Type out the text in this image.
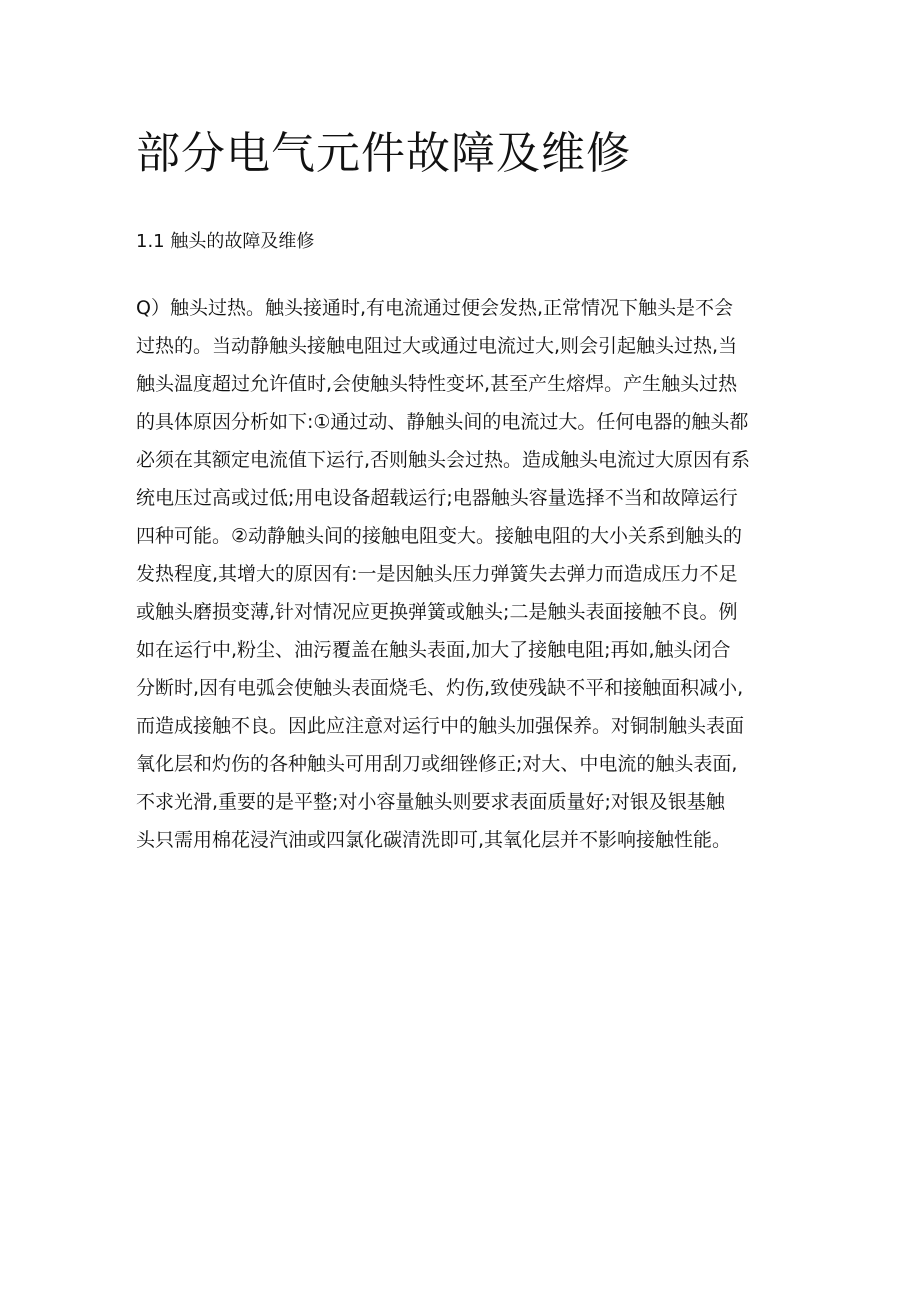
部分电气元件故障及维修
1.1 触头的故障及维修
Q）触头过热。触头接通时,有电流通过便会发热,正常情况下触头是不会
过热的。当动静触头接触电阻过大或通过电流过大,则会引起触头过热,当
触头温度超过允许值时,会使触头特性变坏,甚至产生熔焊。产生触头过热
的具体原因分析如下:①通过动、静触头间的电流过大。任何电器的触头都
必须在其额定电流值下运行,否则触头会过热。造成触头电流过大原因有系
统电压过高或过低;用电设备超载运行;电器触头容量选择不当和故障运行
四种可能。②动静触头间的接触电阻变大。接触电阻的大小关系到触头的
发热程度,其增大的原因有:一是因触头压力弹簧失去弹力而造成压力不足
或触头磨损变薄,针对情况应更换弹簧或触头;二是触头表面接触不良。例
如在运行中,粉尘、油污覆盖在触头表面,加大了接触电阻;再如,触头闭合
分断时,因有电弧会使触头表面烧毛、灼伤,致使残缺不平和接触面积减小,
而造成接触不良。因此应注意对运行中的触头加强保养。对铜制触头表面
氧化层和灼伤的各种触头可用刮刀或细锉修正;对大、中电流的触头表面,
不求光滑,重要的是平整;对小容量触头则要求表面质量好;对银及银基触
头只需用棉花浸汽油或四氯化碳清洗即可,其氧化层并不影响接触性能。
